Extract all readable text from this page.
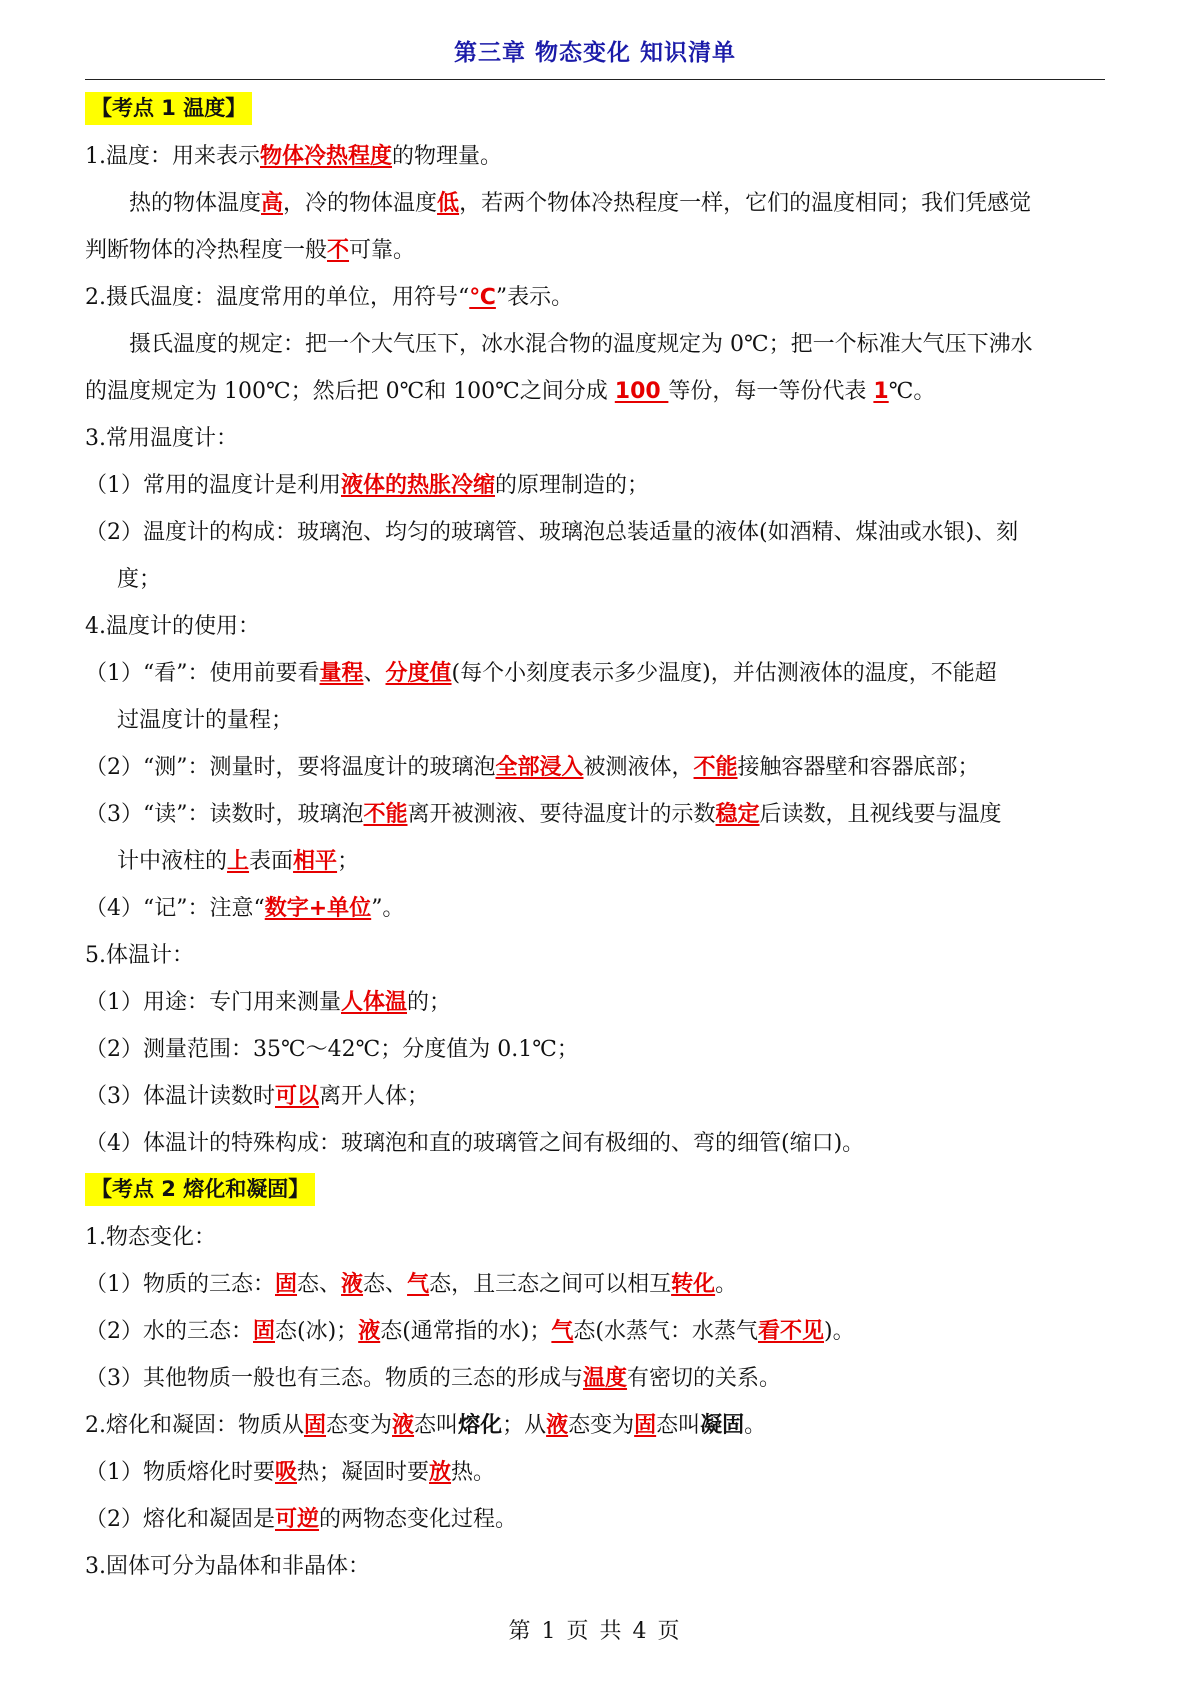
第三章 物态变化 知识清单
【考点 1 温度】
1.温度：用来表示物体冷热程度的物理量。
热的物体温度高，冷的物体温度低，若两个物体冷热程度一样，它们的温度相同；我们凭感觉
判断物体的冷热程度一般不可靠。
2.摄氏温度：温度常用的单位，用符号“℃”表示。
摄氏温度的规定：把一个大气压下，冰水混合物的温度规定为 0℃；把一个标准大气压下沸水
的温度规定为 100℃；然后把 0℃和 100℃之间分成 100 等份，每一等份代表 1℃。
3.常用温度计：
（1）常用的温度计是利用液体的热胀冷缩的原理制造的；
（2）温度计的构成：玻璃泡、均匀的玻璃管、玻璃泡总装适量的液体(如酒精、煤油或水银)、刻
度；
4.温度计的使用：
（1）“看”：使用前要看量程、分度值(每个小刻度表示多少温度)，并估测液体的温度，不能超
过温度计的量程；
（2）“测”：测量时，要将温度计的玻璃泡全部浸入被测液体，不能接触容器壁和容器底部；
（3）“读”：读数时，玻璃泡不能离开被测液、要待温度计的示数稳定后读数，且视线要与温度
计中液柱的上表面相平；
（4）“记”：注意“数字+单位”。
5.体温计：
（1）用途：专门用来测量人体温的；
（2）测量范围：35℃～42℃；分度值为 0.1℃；
（3）体温计读数时可以离开人体；
（4）体温计的特殊构成：玻璃泡和直的玻璃管之间有极细的、弯的细管(缩口)。
【考点 2 熔化和凝固】
1.物态变化：
（1）物质的三态：固态、液态、气态，且三态之间可以相互转化。
（2）水的三态：固态(冰)；液态(通常指的水)；气态(水蒸气：水蒸气看不见)。
（3）其他物质一般也有三态。物质的三态的形成与温度有密切的关系。
2.熔化和凝固：物质从固态变为液态叫熔化；从液态变为固态叫凝固。
（1）物质熔化时要吸热；凝固时要放热。
（2）熔化和凝固是可逆的两物态变化过程。
3.固体可分为晶体和非晶体：
第 1 页 共 4 页
